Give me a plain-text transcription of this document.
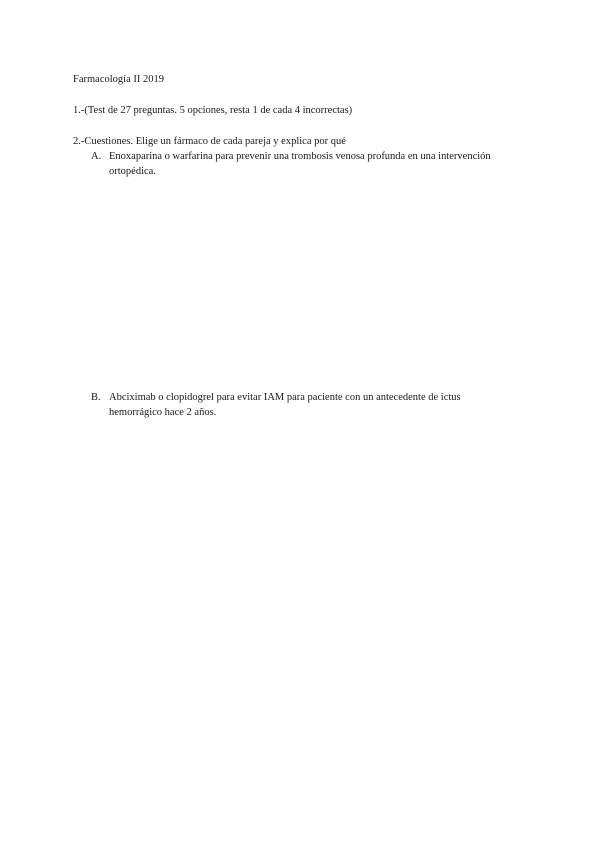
Farmacología II 2019
1.-(Test de 27 preguntas. 5 opciones, resta 1 de cada 4 incorrectas)
2.-Cuestiones. Elige un fármaco de cada pareja y explica por qué
A. Enoxaparina o warfarina para prevenir una trombosis venosa profunda en una intervención
ortopédica.
B. Abciximab o clopidogrel para evitar IAM para paciente con un antecedente de ictus
hemorrágico hace 2 años.
